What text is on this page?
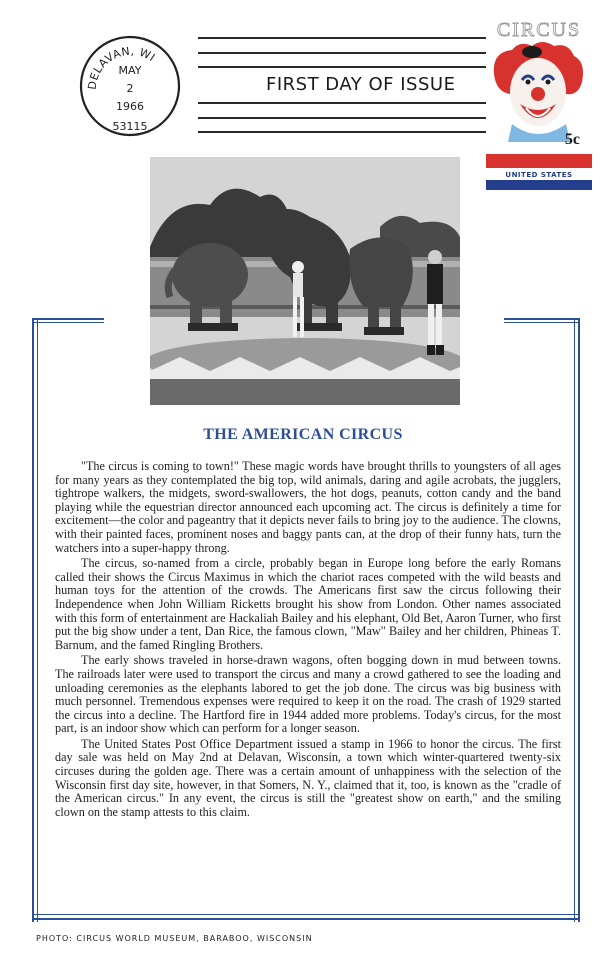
DELAVAN, WI
MAY
2
1966
53115
FIRST DAY OF ISSUE
CIRCUS
5c
UNITED STATES
THE AMERICAN CIRCUS

"The circus is coming to town!" These magic words have brought thrills to youngsters of all ages for many years as they contemplated the big top, wild animals, daring and agile acrobats, the jugglers, tightrope walkers, the midgets, sword-swallowers, the hot dogs, peanuts, cotton candy and the band playing while the equestrian director announced each upcoming act. The circus is definitely a time for excitement—the color and pageantry that it depicts never fails to bring joy to the audience. The clowns, with their painted faces, prominent noses and baggy pants can, at the drop of their funny hats, turn the watchers into a super-happy throng.

The circus, so-named from a circle, probably began in Europe long before the early Romans called their shows the Circus Maximus in which the chariot races competed with the wild beasts and human toys for the attention of the crowds. The Americans first saw the circus following their Independence when John William Ricketts brought his show from London. Other names associated with this form of entertainment are Hackaliah Bailey and his elephant, Old Bet, Aaron Turner, who first put the big show under a tent, Dan Rice, the famous clown, "Maw" Bailey and her children, Phineas T. Barnum, and the famed Ringling Brothers.

The early shows traveled in horse-drawn wagons, often bogging down in mud between towns. The railroads later were used to transport the circus and many a crowd gathered to see the loading and unloading ceremonies as the elephants labored to get the job done. The circus was big business with much personnel. Tremendous expenses were required to keep it on the road. The crash of 1929 started the circus into a decline. The Hartford fire in 1944 added more problems. Today's circus, for the most part, is an indoor show which can perform for a longer season.

The United States Post Office Department issued a stamp in 1966 to honor the circus. The first day sale was held on May 2nd at Delavan, Wisconsin, a town which winter-quartered twenty-six circuses during the golden age. There was a certain amount of unhappiness with the selection of the Wisconsin first day site, however, in that Somers, N. Y., claimed that it, too, is known as the "cradle of the American circus." In any event, the circus is still the "greatest show on earth," and the smiling clown on the stamp attests to this claim.

PHOTO: CIRCUS WORLD MUSEUM, BARABOO, WISCONSIN
